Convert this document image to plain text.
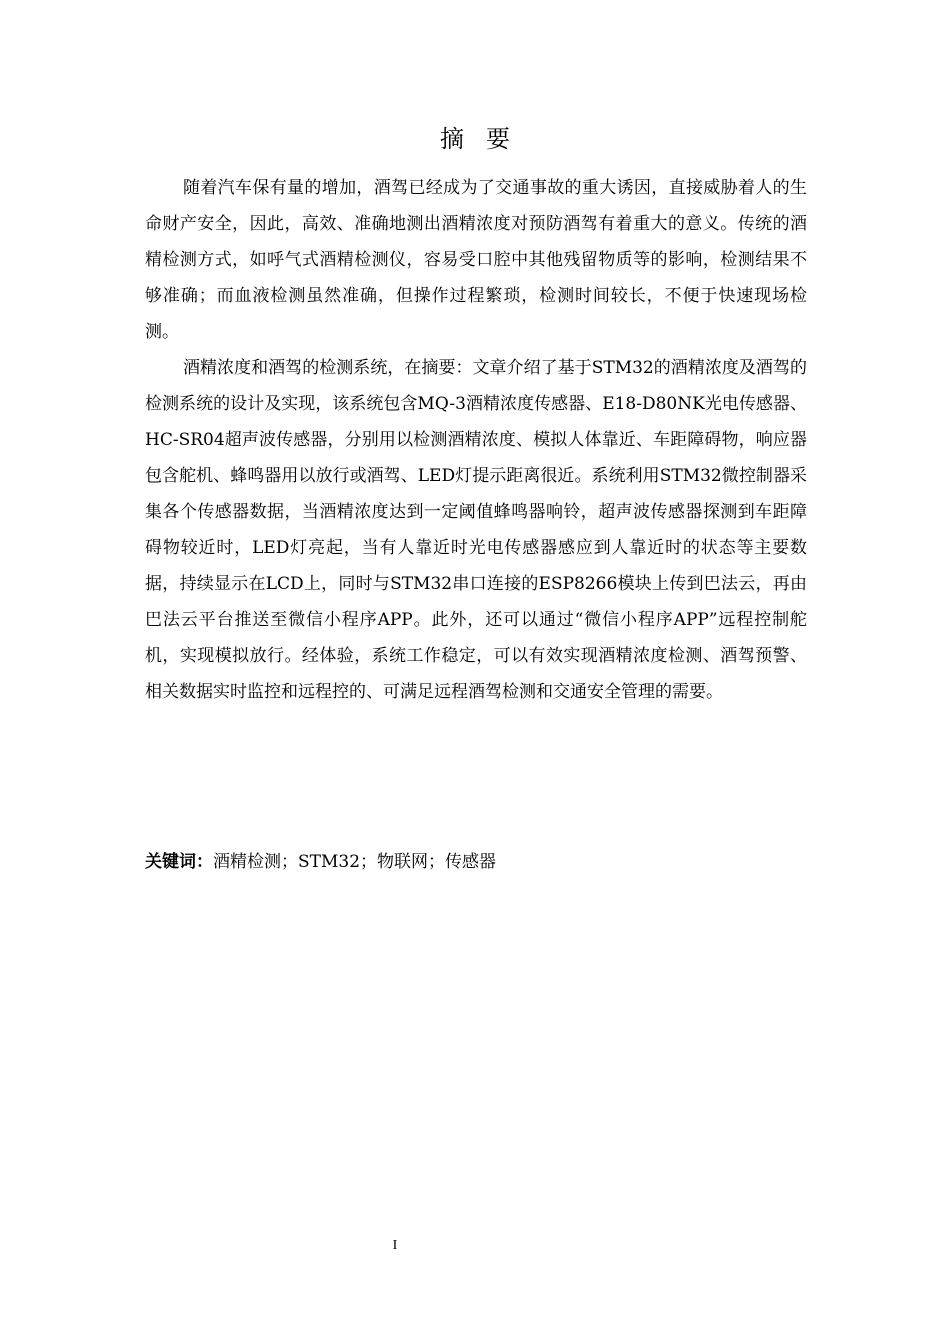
摘要

随着汽车保有量的增加，酒驾已经成为了交通事故的重大诱因，直接威胁着人的生命财产安全，因此，高效、准确地测出酒精浓度对预防酒驾有着重大的意义。传统的酒精检测方式，如呼气式酒精检测仪，容易受口腔中其他残留物质等的影响，检测结果不够准确；而血液检测虽然准确，但操作过程繁琐，检测时间较长，不便于快速现场检测。

酒精浓度和酒驾的检测系统，在摘要：文章介绍了基于STM32的酒精浓度及酒驾的检测系统的设计及实现，该系统包含MQ-3酒精浓度传感器、E18-D80NK光电传感器、HC-SR04超声波传感器，分别用以检测酒精浓度、模拟人体靠近、车距障碍物，响应器包含舵机、蜂鸣器用以放行或酒驾、LED灯提示距离很近。系统利用STM32微控制器采集各个传感器数据，当酒精浓度达到一定阈值蜂鸣器响铃，超声波传感器探测到车距障碍物较近时，LED灯亮起，当有人靠近时光电传感器感应到人靠近时的状态等主要数据，持续显示在LCD上，同时与STM32串口连接的ESP8266模块上传到巴法云，再由巴法云平台推送至微信小程序APP。此外，还可以通过“微信小程序APP”远程控制舵机，实现模拟放行。经体验，系统工作稳定，可以有效实现酒精浓度检测、酒驾预警、相关数据实时监控和远程控的、可满足远程酒驾检测和交通安全管理的需要。

关键词：酒精检测；STM32；物联网；传感器
I
